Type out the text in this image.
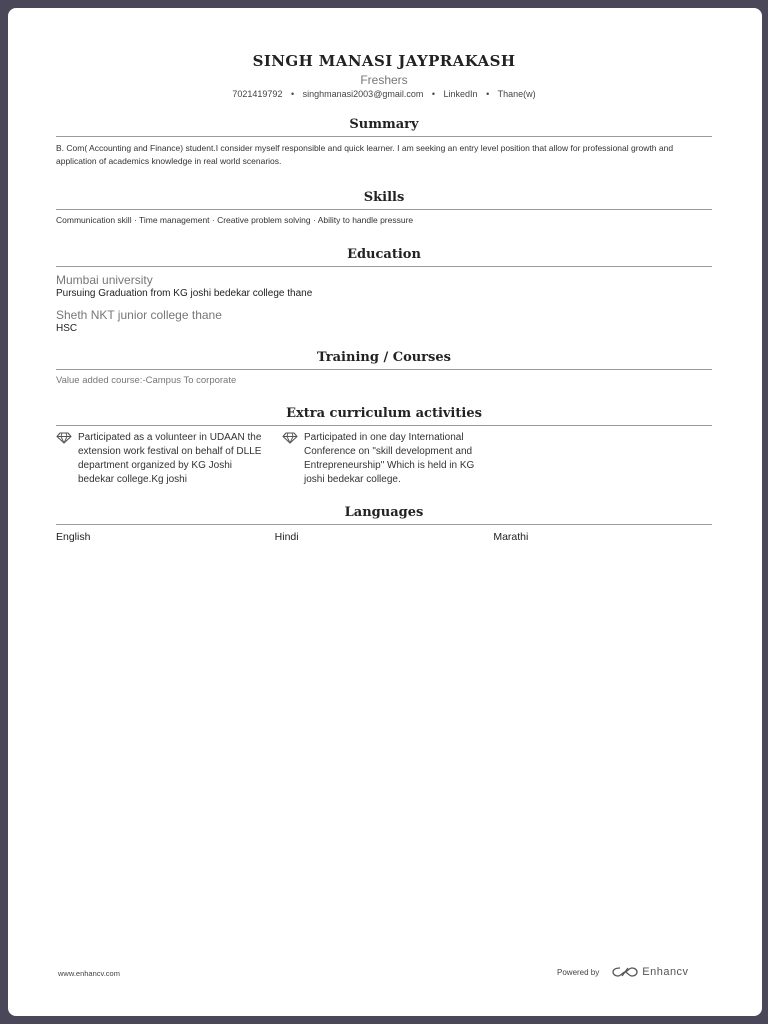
SINGH MANASI JAYPRAKASH
Freshers
7021419792 • singhmanasi2003@gmail.com • LinkedIn • Thane(w)
Summary
B. Com( Accounting and Finance) student.I consider myself responsible and quick learner. I am seeking an entry level position that allow for professional growth and application of academics knowledge in real world scenarios.
Skills
Communication skill · Time management · Creative problem solving · Ability to handle pressure
Education
Mumbai university
Pursuing Graduation from KG joshi bedekar college thane
Sheth NKT junior college thane
HSC
Training / Courses
Value added course:-Campus To corporate
Extra curriculum activities
Participated as a volunteer in UDAAN the extension work festival on behalf of DLLE department organized by KG Joshi bedekar college.Kg joshi
Participated in one day International Conference on "skill development and Entrepreneurship" Which is held in KG joshi bedekar college.
Languages
English	Hindi	Marathi
www.enhancv.com	Powered by	Enhancv
